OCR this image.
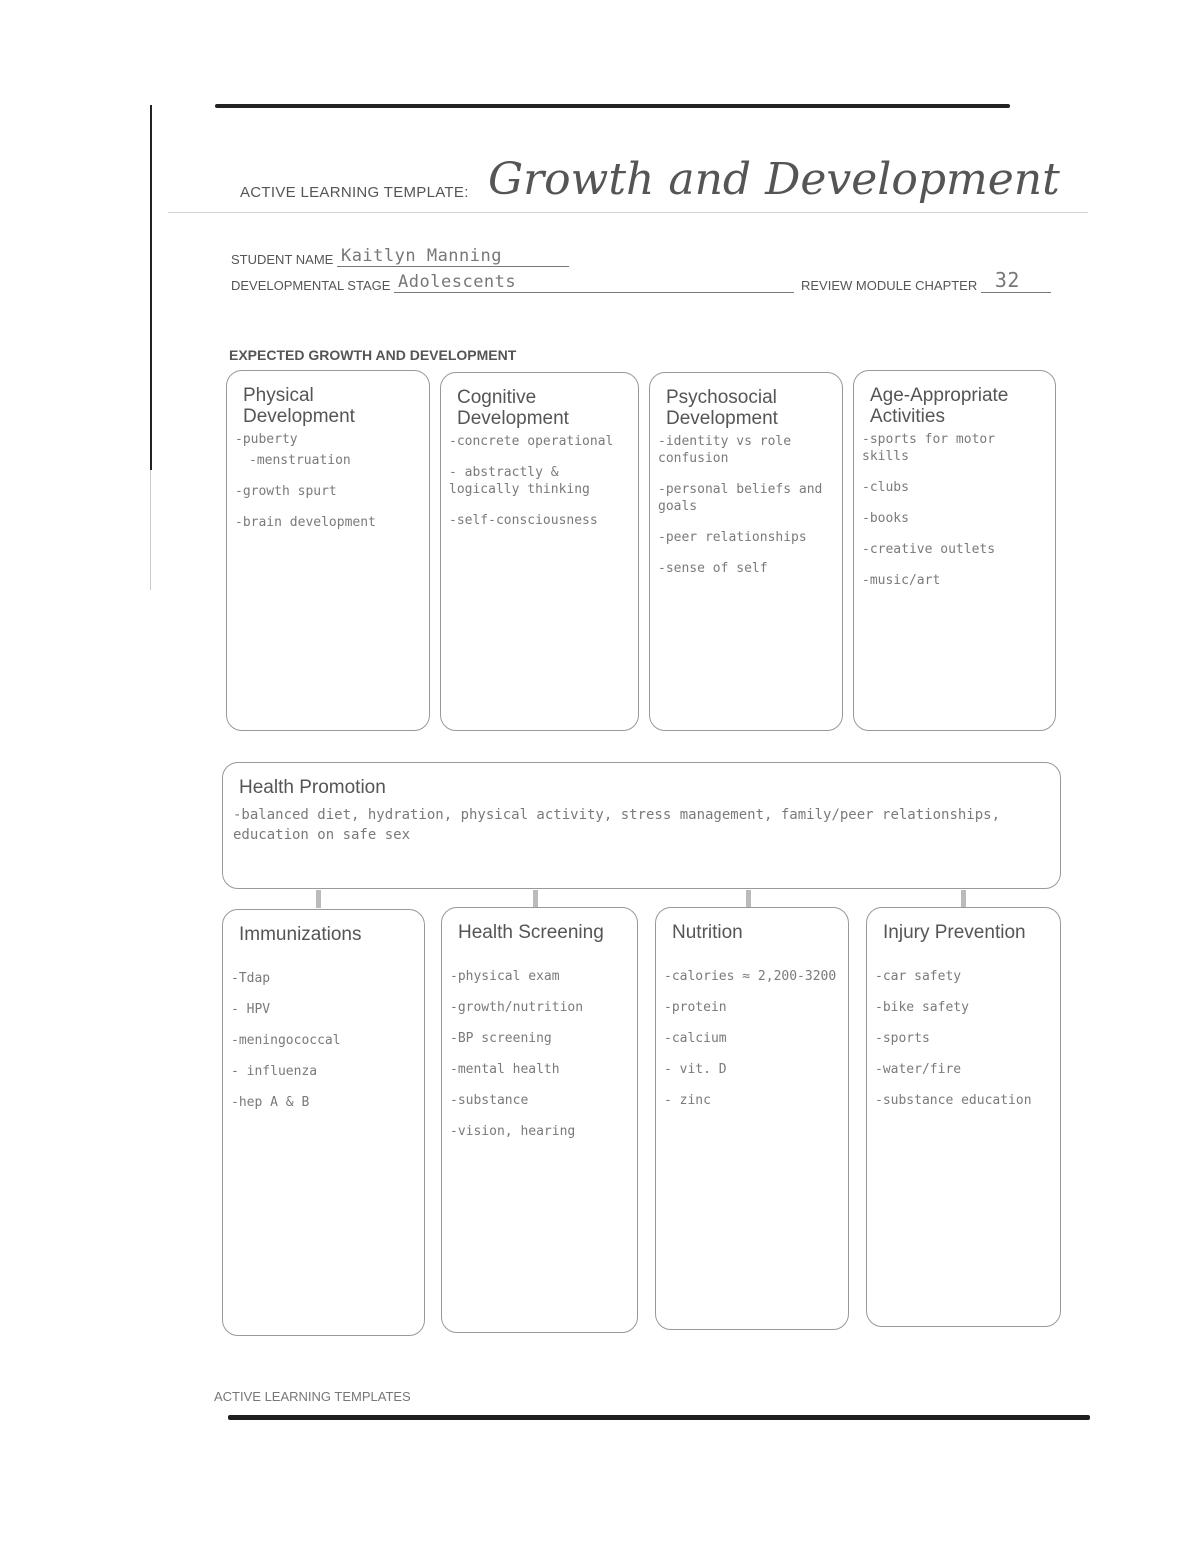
ACTIVE LEARNING TEMPLATE: Growth and Development
STUDENT NAME Kaitlyn Manning
DEVELOPMENTAL STAGE Adolescents	REVIEW MODULE CHAPTER 32
EXPECTED GROWTH AND DEVELOPMENT
Physical Development
-puberty
-menstruation
-growth spurt
-brain development
Cognitive Development
-concrete operational
- abstractly & logically thinking
-self-consciousness
Psychosocial Development
-identity vs role confusion
-personal beliefs and goals
-peer relationships
-sense of self
Age-Appropriate Activities
-sports for motor skills
-clubs
-books
-creative outlets
-music/art
Health Promotion
-balanced diet, hydration, physical activity, stress management, family/peer relationships, education on safe sex
Immunizations
-Tdap
- HPV
-meningococcal
- influenza
-hep A & B
Health Screening
-physical exam
-growth/nutrition
-BP screening
-mental health
-substance
-vision, hearing
Nutrition
-calories ≈ 2,200-3200
-protein
-calcium
- vit. D
- zinc
Injury Prevention
-car safety
-bike safety
-sports
-water/fire
-substance education
ACTIVE LEARNING TEMPLATES
